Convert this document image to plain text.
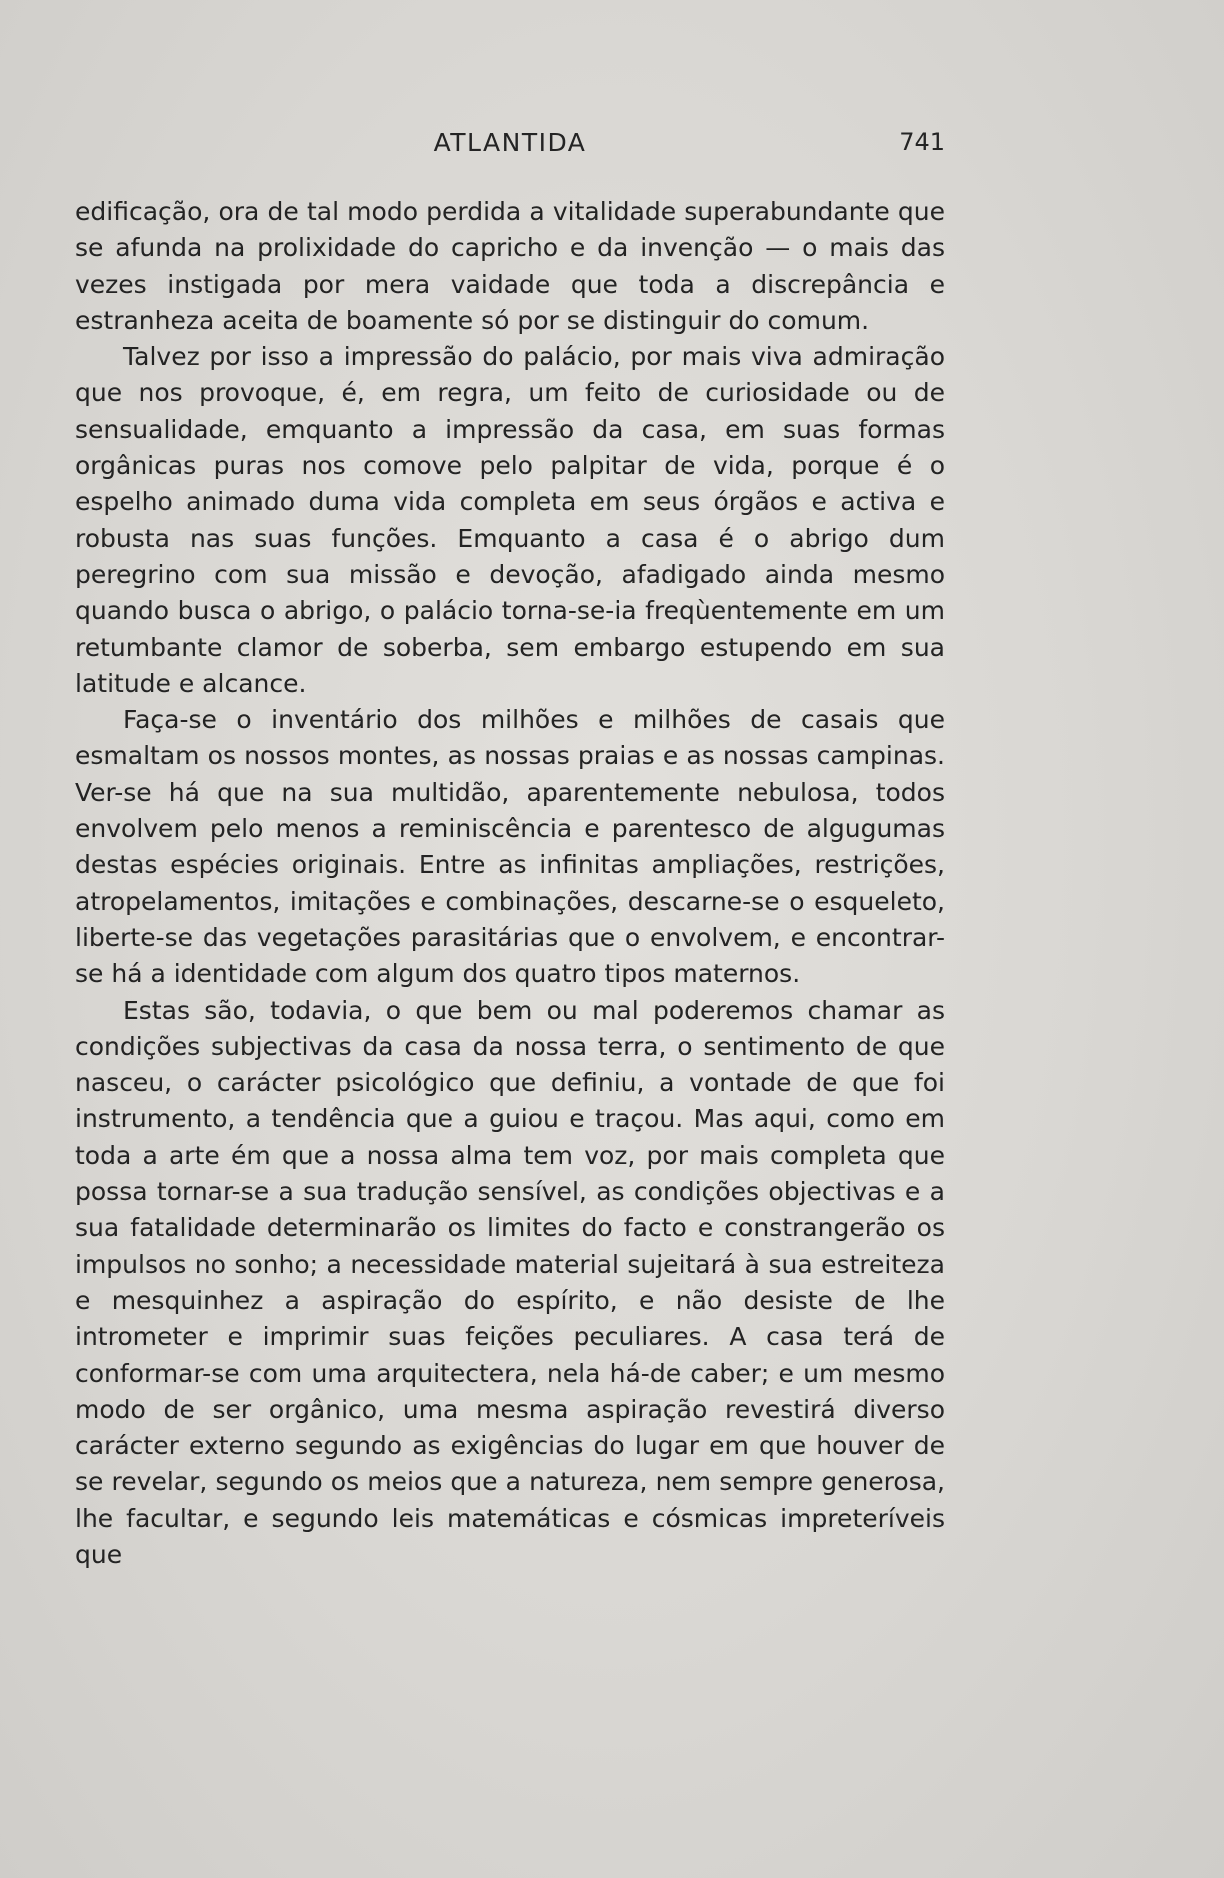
ATLANTIDA	741

edificação, ora de tal modo perdida a vitalidade superabundante que se afunda na prolixidade do capricho e da invenção — o mais das vezes instigada por mera vaidade que toda a discrepância e estranheza aceita de boamente só por se distinguir do comum.

Talvez por isso a impressão do palácio, por mais viva admiração que nos provoque, é, em regra, um feito de curiosidade ou de sensualidade, emquanto a impressão da casa, em suas formas orgânicas puras nos comove pelo palpitar de vida, porque é o espelho animado duma vida completa em seus órgãos e activa e robusta nas suas funções. Emquanto a casa é o abrigo dum peregrino com sua missão e devoção, afadigado ainda mesmo quando busca o abrigo, o palácio torna-se-ia freqùentemente em um retumbante clamor de soberba, sem embargo estupendo em sua latitude e alcance.

Faça-se o inventário dos milhões e milhões de casais que esmaltam os nossos montes, as nossas praias e as nossas campinas. Ver-se há que na sua multidão, aparentemente nebulosa, todos envolvem pelo menos a reminiscência e parentesco de algugumas destas espécies originais. Entre as infinitas ampliações, restrições, atropelamentos, imitações e combinações, descarne-se o esqueleto, liberte-se das vegetações parasitárias que o envolvem, e encontrar-se há a identidade com algum dos quatro tipos maternos.

Estas são, todavia, o que bem ou mal poderemos chamar as condições subjectivas da casa da nossa terra, o sentimento de que nasceu, o carácter psicológico que definiu, a vontade de que foi instrumento, a tendência que a guiou e traçou. Mas aqui, como em toda a arte ém que a nossa alma tem voz, por mais completa que possa tornar-se a sua tradução sensível, as condições objectivas e a sua fatalidade determinarão os limites do facto e constrangerão os impulsos no sonho; a necessidade material sujeitará à sua estreiteza e mesquinhez a aspiração do espírito, e não desiste de lhe intrometer e imprimir suas feições peculiares. A casa terá de conformar-se com uma arquitectera, nela há-de caber; e um mesmo modo de ser orgânico, uma mesma aspiração revestirá diverso carácter externo segundo as exigências do lugar em que houver de se revelar, segundo os meios que a natureza, nem sempre generosa, lhe facultar, e segundo leis matemáticas e cósmicas impreteríveis que
